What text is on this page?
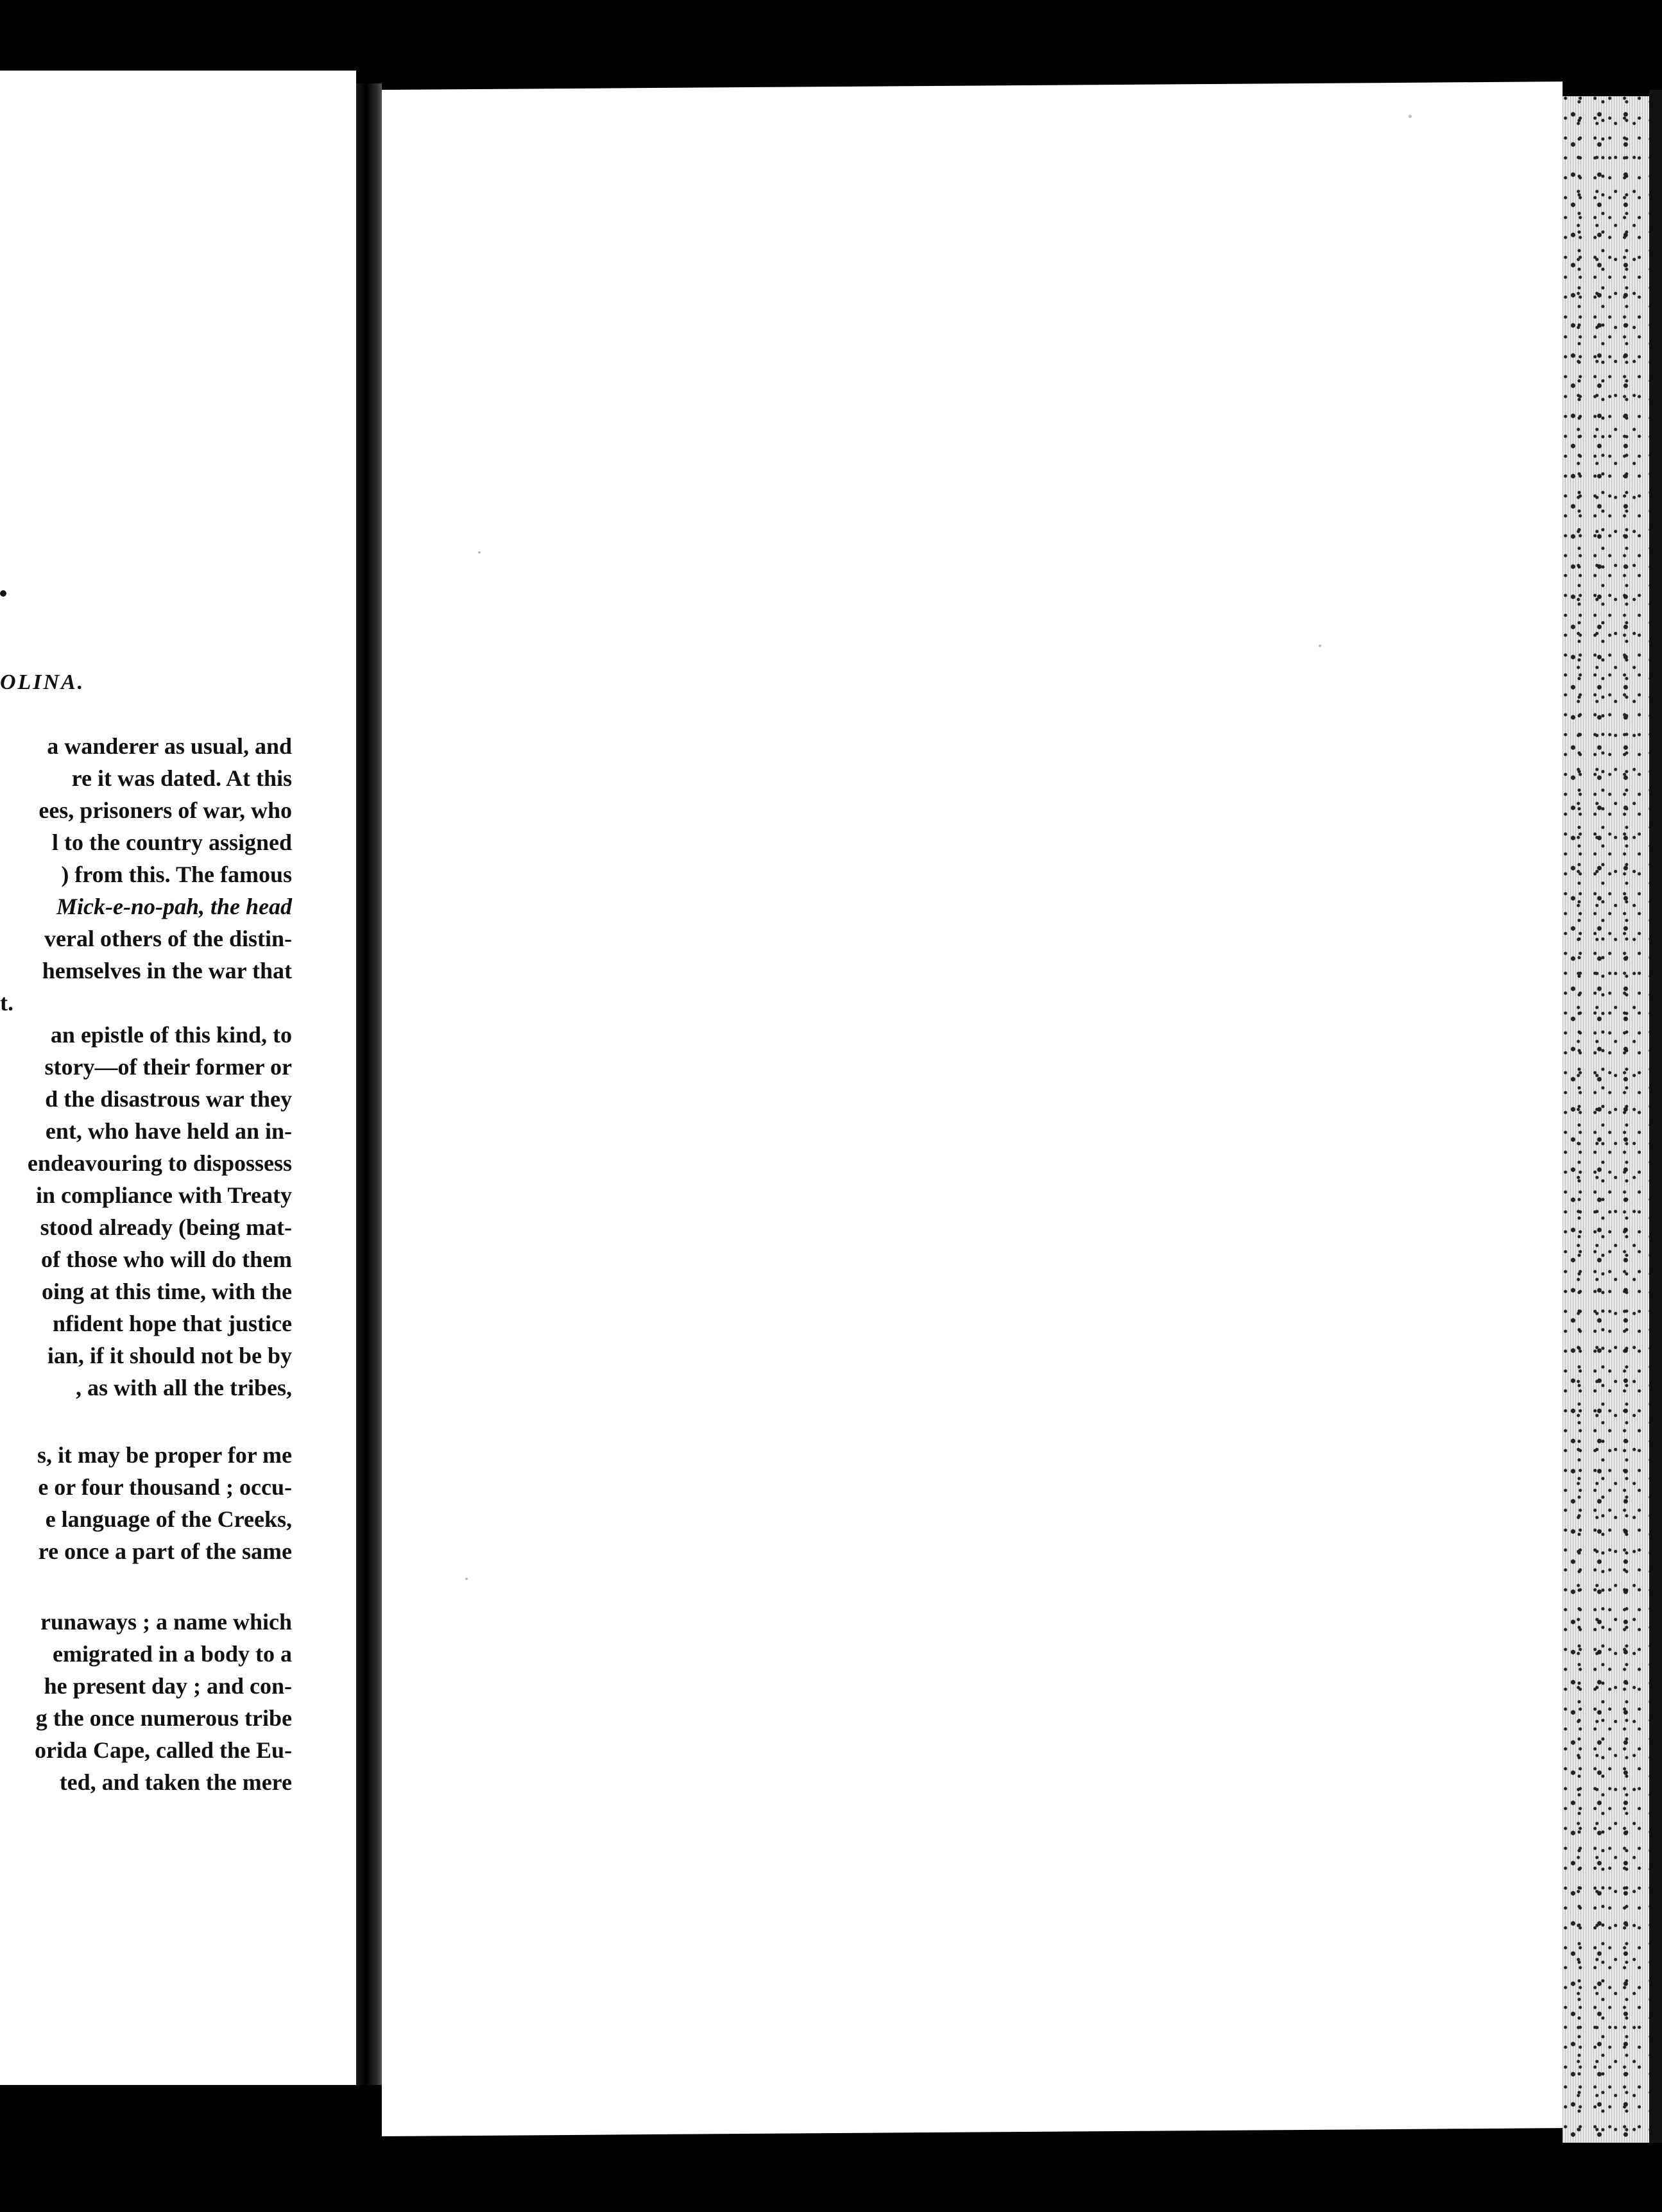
OLINA.
a wanderer as usual, and
re it was dated. At this
ees, prisoners of war, who
l to the country assigned
) from this. The famous
Mick-e-no-pah, the head
veral others of the distin-
hemselves in the war that
t.
an epistle of this kind, to
story—of their former or
d the disastrous war they
ent, who have held an in-
endeavouring to dispossess
in compliance with Treaty
stood already (being mat-
of those who will do them
oing at this time, with the
nfident hope that justice
ian, if it should not be by
, as with all the tribes,
s, it may be proper for me
e or four thousand ; occu-
e language of the Creeks,
re once a part of the same
runaways ; a name which
emigrated in a body to a
he present day ; and con-
g the once numerous tribe
orida Cape, called the Eu-
ted, and taken the mere
